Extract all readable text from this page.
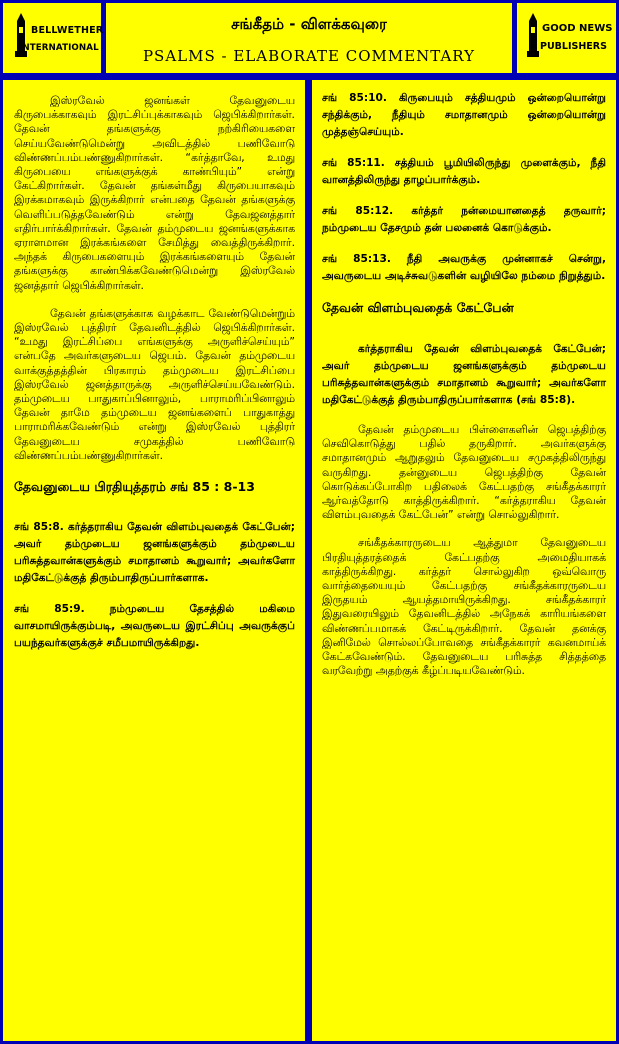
BELLWETHER
INTERNATIONAL
சங்கீதம் - விளக்கவுரை
PSALMS - ELABORATE COMMENTARY
GOOD NEWS
PUBLISHERS

இஸ்ரவேல் ஜனங்கள் தேவனுடைய கிருபைக்காகவும் இரட்சிப்புக்காகவும் ஜெபிக்கிறார்கள். தேவன் தங்களுக்கு நற்கிரியைகளை செய்யவேண்டுமென்று அவிடத்தில் பணிவோடு விண்ணப்பம்பண்ணுகிறார்கள். “கர்த்தாவே, உமது கிருபையை எங்களுக்குக் காண்பியும்” என்று கேட்கிறார்கள். தேவன் தங்கள்மீது கிருபையாகவும் இரக்கமாகவும் இருக்கிறார் என்பதை தேவன் தங்களுக்கு வெளிப்படுத்தவேண்டும் என்று தேவஜனத்தார் எதிர்பார்க்கிறார்கள். தேவன் தம்முடைய ஜனங்களுக்காக ஏராளமான இரக்கங்களை சேமித்து வைத்திருக்கிறார். அந்தக் கிருபைகளையும் இரக்கங்களையும் தேவன் தங்களுக்கு காண்பிக்கவேண்டுமென்று இஸ்ரவேல் ஜனத்தார் ஜெபிக்கிறார்கள்.

தேவன் தங்களுக்காக வழக்காட வேண்டுமென்றும் இஸ்ரவேல் புத்திரர் தேவனிடத்தில் ஜெபிக்கிறார்கள். “உமது இரட்சிப்பை எங்களுக்கு அருளிச்செய்யும்” என்பதே அவர்களுடைய ஜெபம். தேவன் தம்முடைய வாக்குத்தத்தின் பிரகாரம் தம்முடைய இரட்சிப்பை இஸ்ரவேல் ஜனத்தாருக்கு அருளிச்செய்யவேண்டும். தம்முடைய பாதுகாப்பினாலும், பாராமரிப்பினாலும் தேவன் தாமே தம்முடைய ஜனங்களைப் பாதுகாத்து பாராமரிக்கவேண்டும் என்று இஸ்ரவேல் புத்திரர் தேவனுடைய சமுகத்தில் பணிவோடு விண்ணப்பம்பண்ணுகிறார்கள்.

தேவனுடைய பிரதியுத்தரம் சங் 85 : 8-13

சங் 85:8. கர்த்தராகிய தேவன் விளம்புவதைக் கேட்பேன்; அவர் தம்முடைய ஜனங்களுக்கும் தம்முடைய பரிசுத்தவான்களுக்கும் சமாதானம் கூறுவார்; அவர்களோ மதிகேட்டுக்குத் திரும்பாதிருப்பார்களாக.

சங் 85:9. நம்முடைய தேசத்தில் மகிமை வாசமாயிருக்கும்படி, அவருடைய இரட்சிப்பு அவருக்குப் பயந்தவர்களுக்குச் சமீபமாயிருக்கிறது.

சங் 85:10. கிருபையும் சத்தியமும் ஒன்றையொன்று சந்திக்கும், நீதியும் சமாதானமும் ஒன்றையொன்று முத்தஞ்செய்யும்.

சங் 85:11. சத்தியம் பூமியிலிருந்து முளைக்கும், நீதி வானத்திலிருந்து தாழப்பார்க்கும்.

சங் 85:12. கர்த்தர் நன்மையானதைத் தருவார்; நம்முடைய தேசமும் தன் பலனைக் கொடுக்கும்.

சங் 85:13. நீதி அவருக்கு முன்னாகச் சென்று, அவருடைய அடிச்சுவடுகளின் வழியிலே நம்மை நிறுத்தும்.

தேவன் விளம்புவதைக் கேட்பேன்

கர்த்தராகிய தேவன் விளம்புவதைக் கேட்பேன்; அவர் தம்முடைய ஜனங்களுக்கும் தம்முடைய பரிசுத்தவான்களுக்கும் சமாதானம் கூறுவார்; அவர்களோ மதிகேட்டுக்குத் திரும்பாதிருப்பார்களாக (சங் 85:8).

தேவன் தம்முடைய பிள்ளைகளின் ஜெபத்திற்கு செவிகொடுத்து பதில் தருகிறார். அவர்களுக்கு சமாதானமும் ஆறுதலும் தேவனுடைய சமுகத்திலிருந்து வருகிறது. தன்னுடைய ஜெபத்திற்கு தேவன் கொடுக்கப்போகிற பதிலைக் கேட்பதற்கு சங்கீதக்காரர் ஆர்வத்தோடு காத்திருக்கிறார். “கர்த்தராகிய தேவன் விளம்புவதைக் கேட்பேன்” என்று சொல்லுகிறார்.

சங்கீதக்காரருடைய ஆத்துமா தேவனுடைய பிரதியுத்தரத்தைக் கேட்பதற்கு அமைதியாகக் காத்திருக்கிறது. கர்த்தர் சொல்லுகிற ஒவ்வொரு வார்த்தையையும் கேட்பதற்கு சங்கீதக்காரருடைய இருதயம் ஆயத்தமாயிருக்கிறது. சங்கீதக்காரர் இதுவரையிலும் தேவனிடத்தில் அநேகக் காரியங்களை விண்ணப்பமாகக் கேட்டிருக்கிறார். தேவன் தனக்கு இனிமேல் சொல்லப்போவதை சங்கீதக்காரர் கவனமாய்க் கேட்கவேண்டும். தேவனுடைய பரிசுத்த சித்தத்தை வரவேற்று அதற்குக் கீழ்ப்படியவேண்டும்.
